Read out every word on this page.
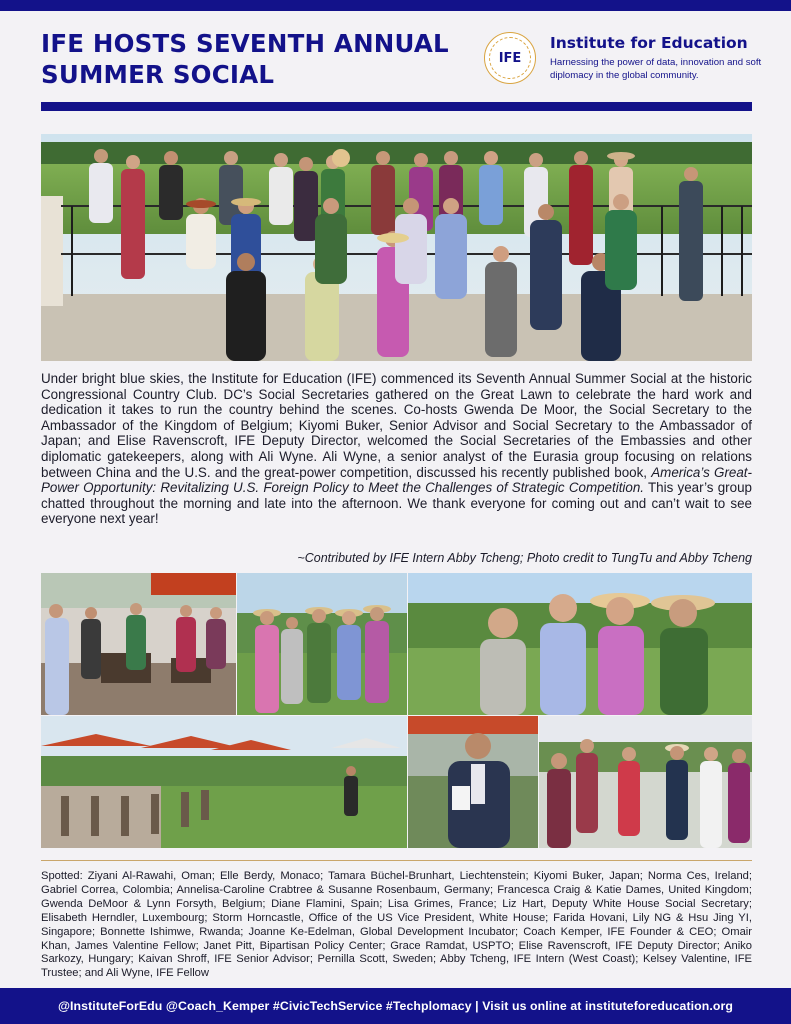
IFE HOSTS SEVENTH ANNUAL
SUMMER SOCIAL
IFE
Institute for Education
Harnessing the power of data, innovation and soft diplomacy in the global community.

Under bright blue skies, the Institute for Education (IFE) commenced its Seventh Annual Summer Social at the historic Congressional Country Club. DC’s Social Secretaries gathered on the Great Lawn to celebrate the hard work and dedication it takes to run the country behind the scenes. Co-hosts Gwenda De Moor, the Social Secretary to the Ambassador of the Kingdom of Belgium; Kiyomi Buker, Senior Advisor and Social Secretary to the Ambassador of Japan; and Elise Ravenscroft, IFE Deputy Director, welcomed the Social Secretaries of the Embassies and other diplomatic gatekeepers, along with Ali Wyne. Ali Wyne, a senior analyst of the Eurasia group focusing on relations between China and the U.S. and the great-power competition, discussed his recently published book, America’s Great-Power Opportunity: Revitalizing U.S. Foreign Policy to Meet the Challenges of Strategic Competition. This year’s group chatted throughout the morning and late into the afternoon. We thank everyone for coming out and can’t wait to see everyone next year!

~Contributed by IFE Intern Abby Tcheng; Photo credit to TungTu and Abby Tcheng

Spotted: Ziyani Al-Rawahi, Oman; Elle Berdy, Monaco; Tamara Büchel-Brunhart, Liechtenstein; Kiyomi Buker, Japan; Norma Ces, Ireland; Gabriel Correa, Colombia; Annelisa-Caroline Crabtree & Susanne Rosenbaum, Germany; Francesca Craig & Katie Dames, United Kingdom; Gwenda DeMoor & Lynn Forsyth, Belgium; Diane Flamini, Spain; Lisa Grimes, France; Liz Hart, Deputy White House Social Secretary; Elisabeth Herndler, Luxembourg; Storm Horncastle, Office of the US Vice President, White House; Farida Hovani, Lily NG & Hsu Jing YI, Singapore; Bonnette Ishimwe, Rwanda; Joanne Ke-Edelman, Global Development Incubator; Coach Kemper, IFE Founder & CEO; Omair Khan, James Valentine Fellow; Janet Pitt, Bipartisan Policy Center; Grace Ramdat, USPTO; Elise Ravenscroft, IFE Deputy Director; Aniko Sarkozy, Hungary; Kaivan Shroff, IFE Senior Advisor; Pernilla Scott, Sweden; Abby Tcheng, IFE Intern (West Coast); Kelsey Valentine, IFE Trustee; and Ali Wyne, IFE Fellow

@InstituteForEdu @Coach_Kemper #CivicTechService #Techplomacy | Visit us online at instituteforeducation.org
